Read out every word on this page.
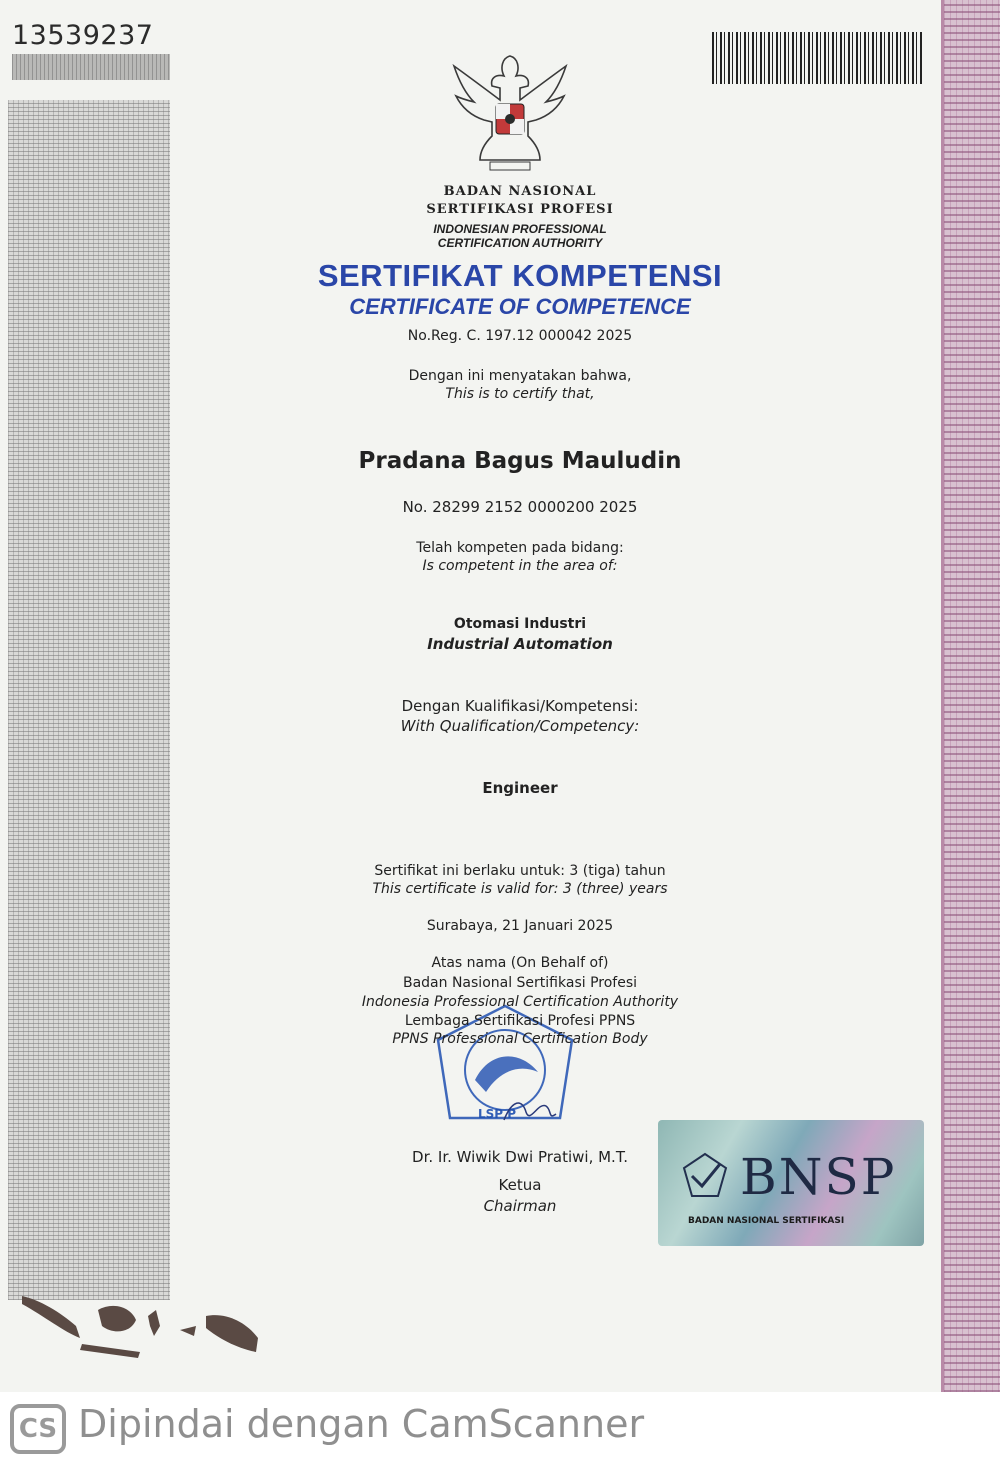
13539237
BADAN NASIONAL
SERTIFIKASI PROFESI
INDONESIAN PROFESSIONAL
CERTIFICATION AUTHORITY
SERTIFIKAT KOMPETENSI
CERTIFICATE OF COMPETENCE
No.Reg. C. 197.12 000042 2025
Dengan ini menyatakan bahwa,
This is to certify that,
Pradana Bagus Mauludin
No. 28299 2152 0000200 2025
Telah kompeten pada bidang:
Is competent in the area of:
Otomasi Industri
Industrial Automation
Dengan Kualifikasi/Kompetensi:
With Qualification/Competency:
Engineer
Sertifikat ini berlaku untuk: 3 (tiga) tahun
This certificate is valid for: 3 (three) years
Surabaya, 21 Januari 2025
LSP P
Atas nama (On Behalf of)
Badan Nasional Sertifikasi Profesi
Indonesia Professional Certification Authority
Lembaga Sertifikasi Profesi PPNS
PPNS Professional Certification Body
Dr. Ir. Wiwik Dwi Pratiwi, M.T.
Ketua
Chairman	BNSP
BADAN NASIONAL SERTIFIKASI
CS Dipindai dengan CamScanner
